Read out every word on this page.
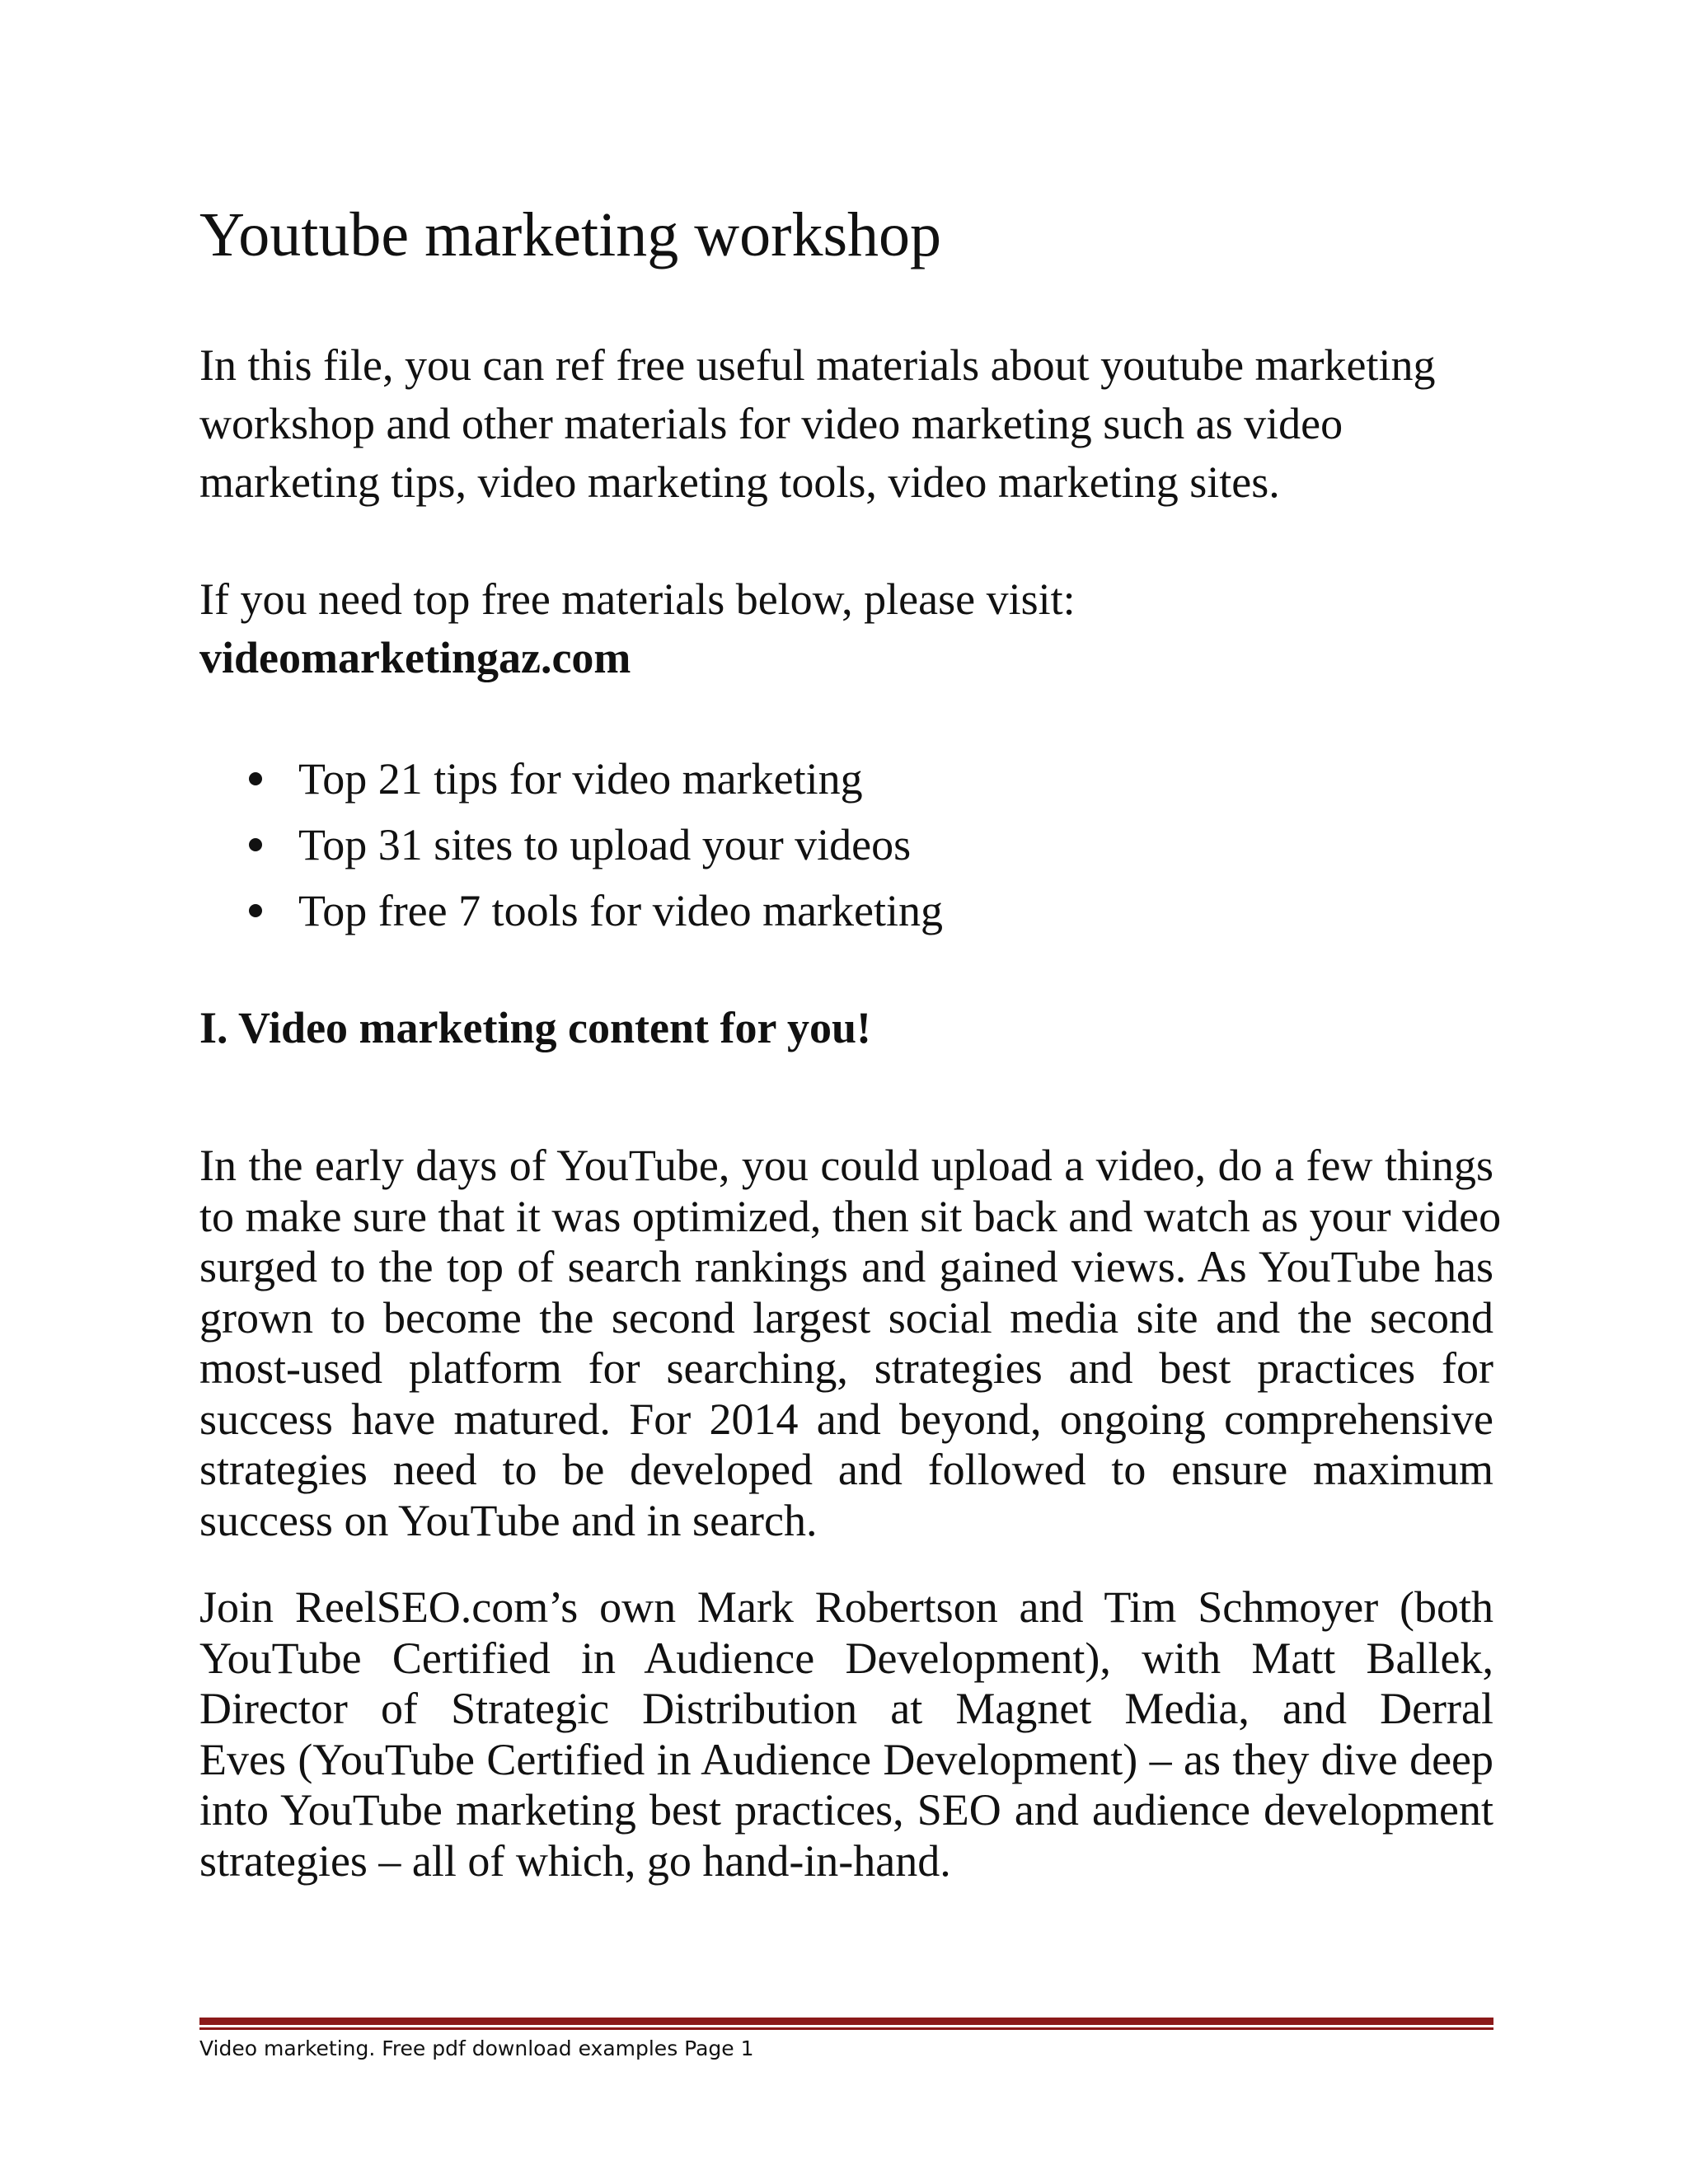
Youtube marketing workshop

In this file, you can ref free useful materials about youtube marketing
workshop and other materials for video marketing such as video
marketing tips, video marketing tools, video marketing sites.

If you need top free materials below, please visit:
videomarketingaz.com

Top 21 tips for video marketing
Top 31 sites to upload your videos
Top free 7 tools for video marketing
I. Video marketing content for you!

In the early days of YouTube, you could upload a video, do a few things
to make sure that it was optimized, then sit back and watch as your video
surged to the top of search rankings and gained views. As YouTube has
grown to become the second largest social media site and the second
most-used platform for searching, strategies and best practices for
success have matured. For 2014 and beyond, ongoing comprehensive
strategies need to be developed and followed to ensure maximum
success on YouTube and in search.

Join ReelSEO.com’s own Mark Robertson and Tim Schmoyer (both
YouTube Certified in Audience Development), with Matt Ballek,
Director of Strategic Distribution at Magnet Media, and Derral
Eves (YouTube Certified in Audience Development) – as they dive deep
into YouTube marketing best practices, SEO and audience development
strategies – all of which, go hand-in-hand.

Video marketing. Free pdf download examples Page 1
